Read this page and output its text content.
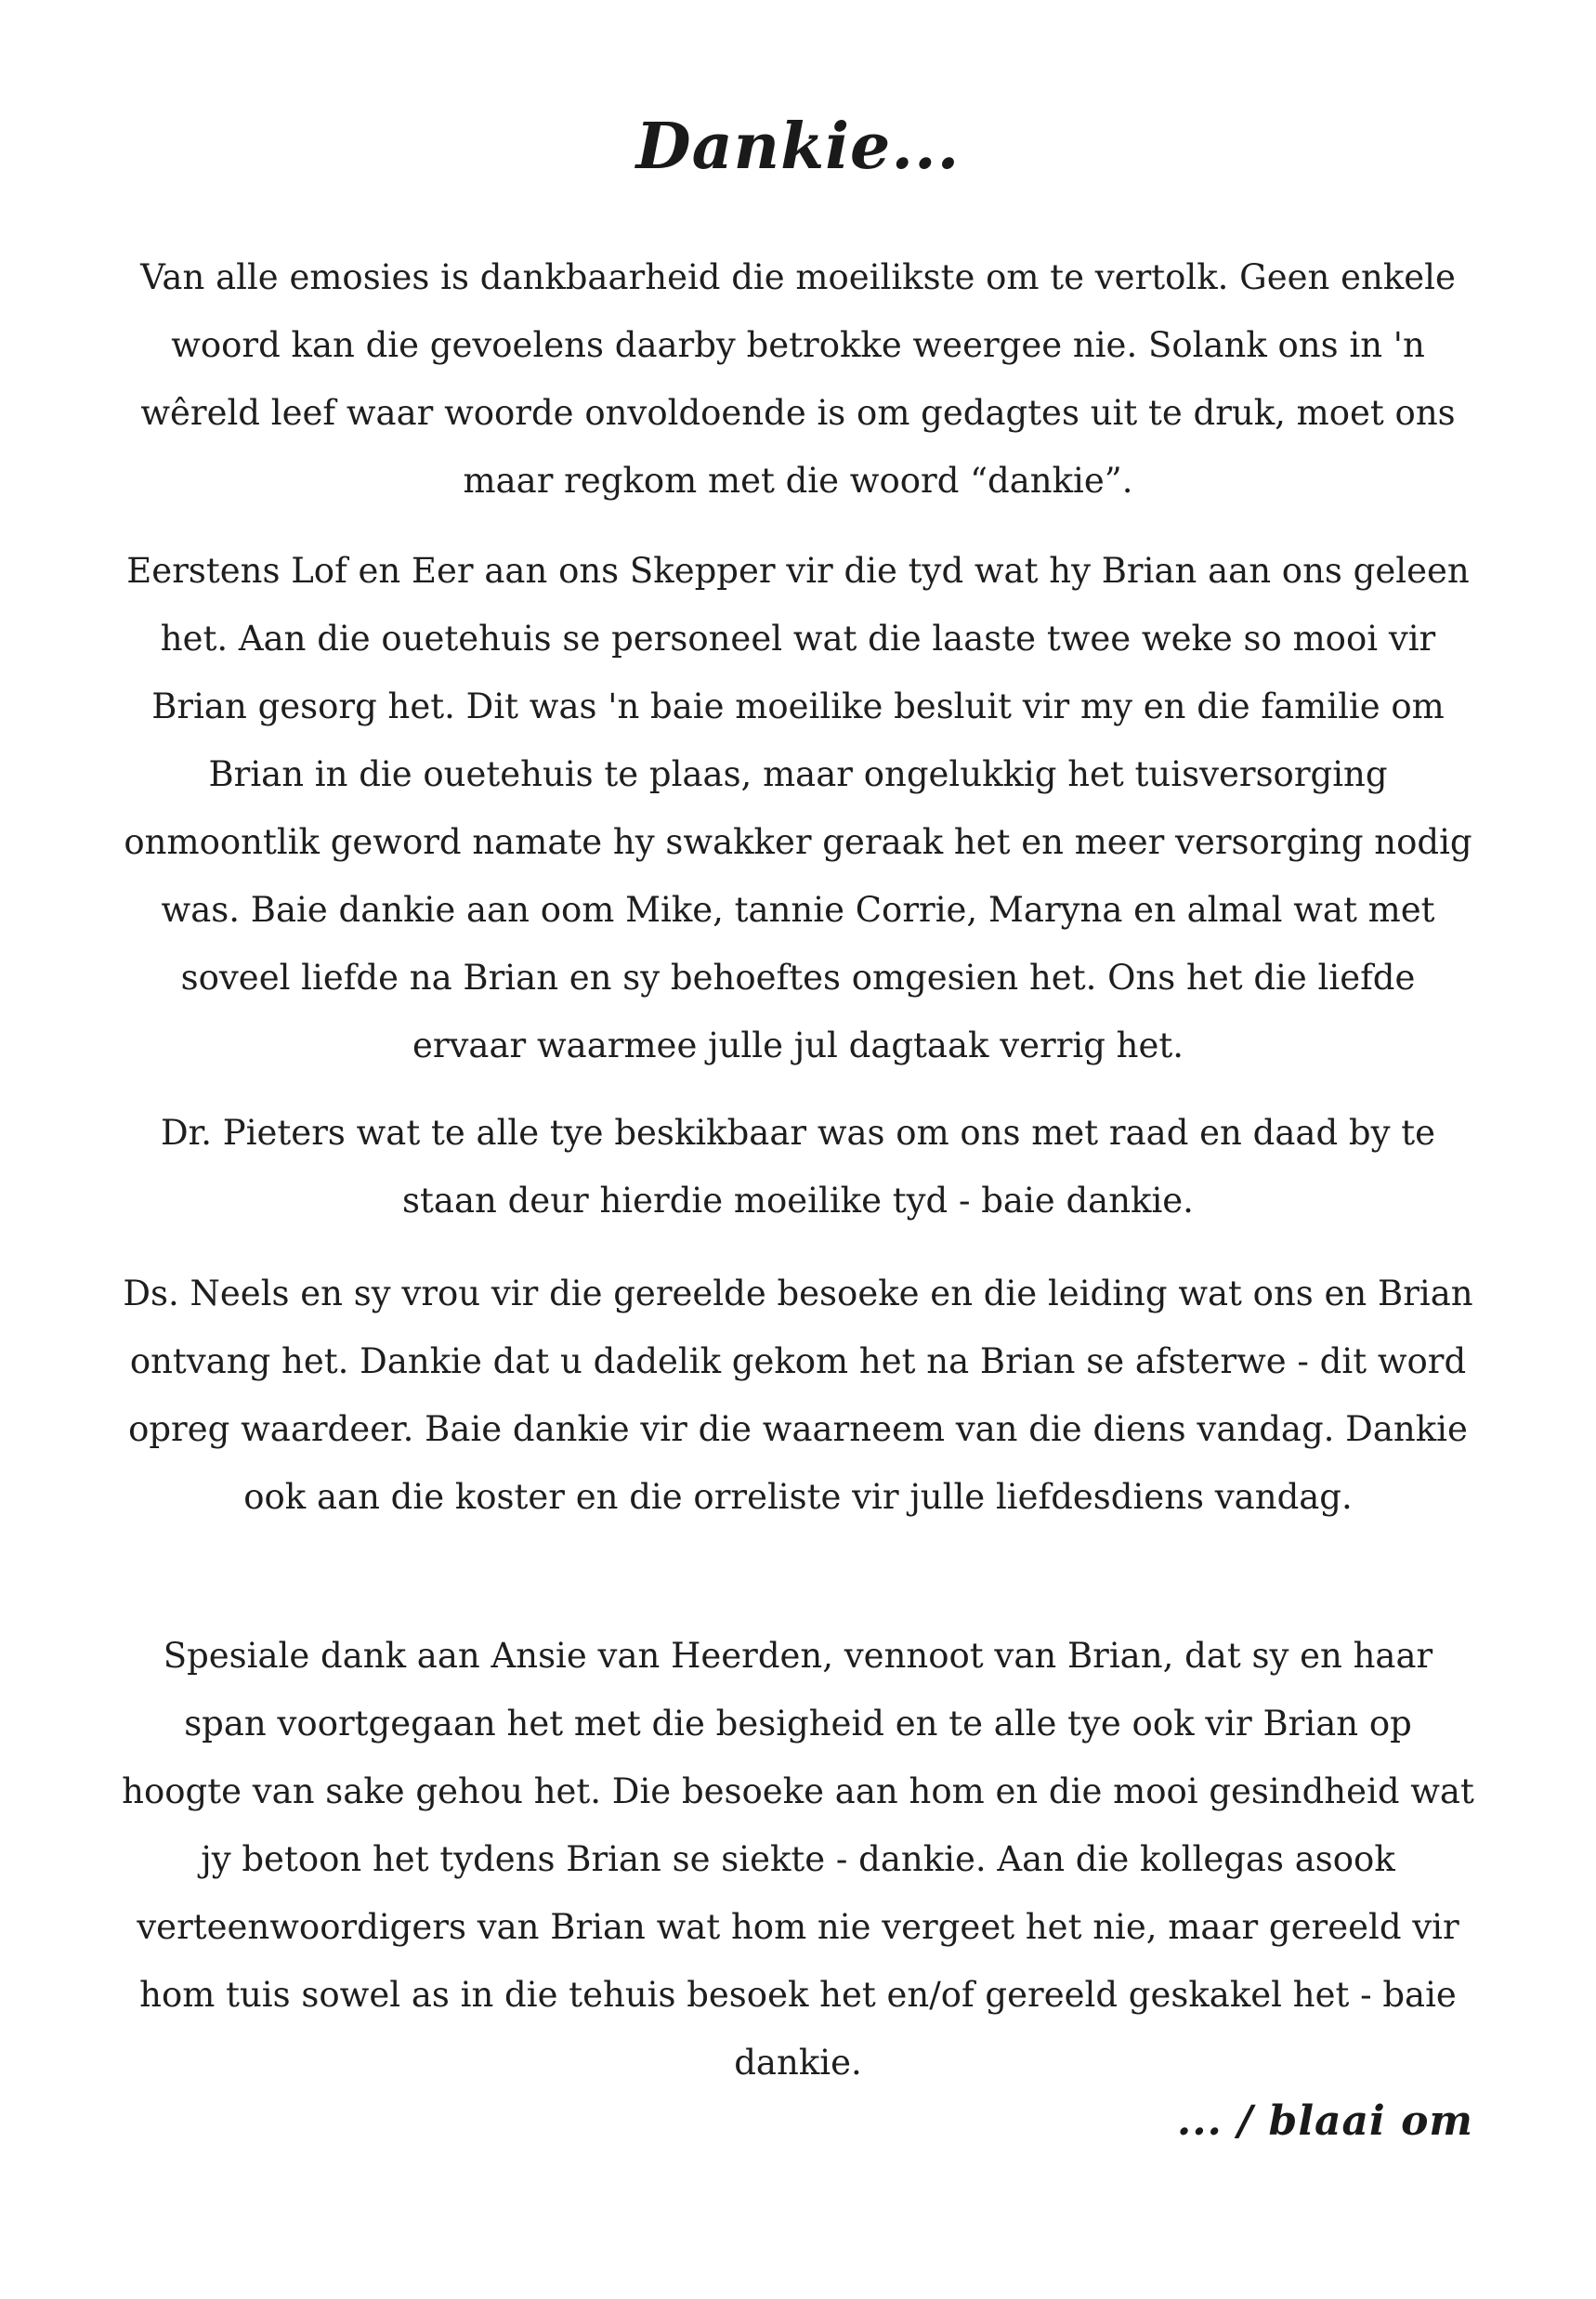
Dankie...

Van alle emosies is dankbaarheid die moeilikste om te vertolk. Geen enkele woord kan die gevoelens daarby betrokke weergee nie. Solank ons in 'n wêreld leef waar woorde onvoldoende is om gedagtes uit te druk, moet ons maar regkom met die woord “dankie”.

Eerstens Lof en Eer aan ons Skepper vir die tyd wat hy Brian aan ons geleen het. Aan die ouetehuis se personeel wat die laaste twee weke so mooi vir Brian gesorg het. Dit was 'n baie moeilike besluit vir my en die familie om Brian in die ouetehuis te plaas, maar ongelukkig het tuisversorging onmoontlik geword namate hy swakker geraak het en meer versorging nodig was. Baie dankie aan oom Mike, tannie Corrie, Maryna en almal wat met soveel liefde na Brian en sy behoeftes omgesien het. Ons het die liefde ervaar waarmee julle jul dagtaak verrig het.

Dr. Pieters wat te alle tye beskikbaar was om ons met raad en daad by te staan deur hierdie moeilike tyd - baie dankie.

Ds. Neels en sy vrou vir die gereelde besoeke en die leiding wat ons en Brian ontvang het. Dankie dat u dadelik gekom het na Brian se afsterwe - dit word opreg waardeer. Baie dankie vir die waarneem van die diens vandag. Dankie ook aan die koster en die orreliste vir julle liefdesdiens vandag.

Spesiale dank aan Ansie van Heerden, vennoot van Brian, dat sy en haar span voortgegaan het met die besigheid en te alle tye ook vir Brian op hoogte van sake gehou het. Die besoeke aan hom en die mooi gesindheid wat jy betoon het tydens Brian se siekte - dankie. Aan die kollegas asook verteenwoordigers van Brian wat hom nie vergeet het nie, maar gereeld vir hom tuis sowel as in die tehuis besoek het en/of gereeld geskakel het - baie dankie.

... / blaai om
